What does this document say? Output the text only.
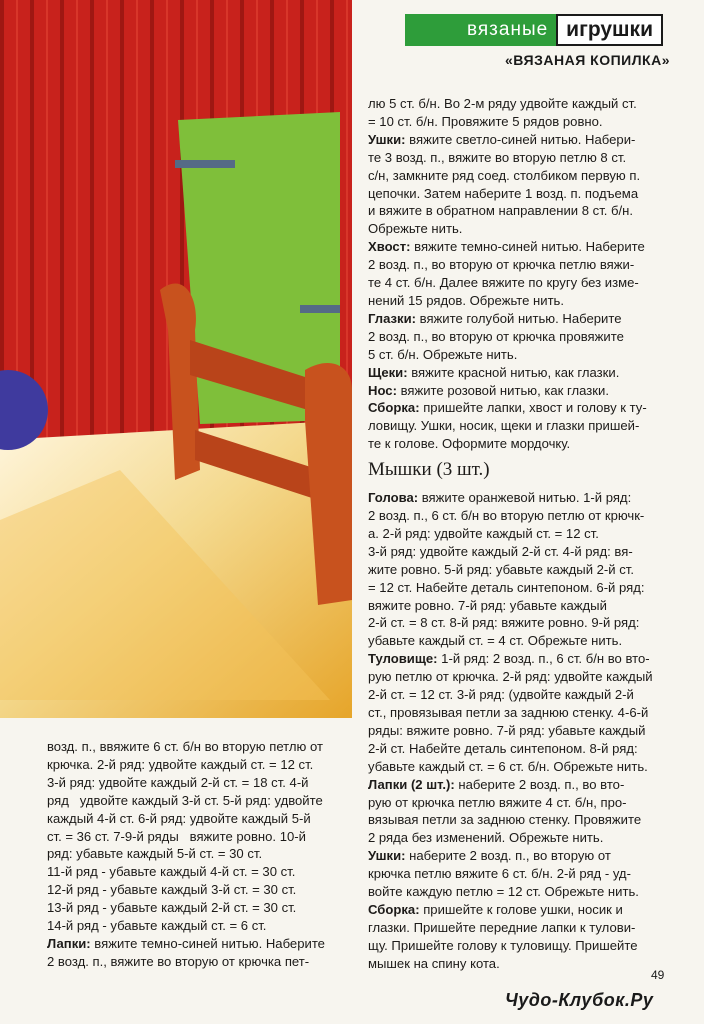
вязаные игрушки
«ВЯЗАНАЯ КОПИЛКА»
лю 5 ст. б/н. Во 2-м ряду удвойте каждый ст.
= 10 ст. б/н. Провяжите 5 рядов ровно.
Ушки: вяжите светло-синей нитью. Набери-
те 3 возд. п., вяжите во вторую петлю 8 ст.
с/н, замкните ряд соед. столбиком первую п.
цепочки. Затем наберите 1 возд. п. подъема
и вяжите в обратном направлении 8 ст. б/н.
Обрежьте нить.
Хвост: вяжите темно-синей нитью. Наберите
2 возд. п., во вторую от крючка петлю вяжи-
те 4 ст. б/н. Далее вяжите по кругу без изме-
нений 15 рядов. Обрежьте нить.
Глазки: вяжите голубой нитью. Наберите
2 возд. п., во вторую от крючка провяжите
5 ст. б/н. Обрежьте нить.
Щеки: вяжите красной нитью, как глазки.
Нос: вяжите розовой нитью, как глазки.
Сборка: пришейте лапки, хвост и голову к ту-
ловищу. Ушки, носик, щеки и глазки пришей-
те к голове. Оформите мордочку.
Мышки (3 шт.)
Голова: вяжите оранжевой нитью. 1-й ряд:
2 возд. п., 6 ст. б/н во вторую петлю от крючк-
а. 2-й ряд: удвойте каждый ст. = 12 ст.
3-й ряд: удвойте каждый 2-й ст. 4-й ряд: вя-
жите ровно. 5-й ряд: убавьте каждый 2-й ст.
= 12 ст. Набейте деталь синтепоном. 6-й ряд:
вяжите ровно. 7-й ряд: убавьте каждый
2-й ст. = 8 ст. 8-й ряд: вяжите ровно. 9-й ряд:
убавьте каждый ст. = 4 ст. Обрежьте нить.
Туловище: 1-й ряд: 2 возд. п., 6 ст. б/н во вто-
рую петлю от крючка. 2-й ряд: удвойте каждый
2-й ст. = 12 ст. 3-й ряд: (удвойте каждый 2-й
ст., провязывая петли за заднюю стенку. 4-6-й
ряды: вяжите ровно. 7-й ряд: убавьте каждый
2-й ст. Набейте деталь синтепоном. 8-й ряд:
убавьте каждый ст. = 6 ст. б/н. Обрежьте нить.
Лапки (2 шт.): наберите 2 возд. п., во вто-
рую от крючка петлю вяжите 4 ст. б/н, про-
вязывая петли за заднюю стенку. Провяжите
2 ряда без изменений. Обрежьте нить.
Ушки: наберите 2 возд. п., во вторую от
крючка петлю вяжите 6 ст. б/н. 2-й ряд - уд-
войте каждую петлю = 12 ст. Обрежьте нить.
Сборка: пришейте к голове ушки, носик и
глазки. Пришейте передние лапки к тулови-
щу. Пришейте голову к туловищу. Пришейте
мышек на спину кота.
возд. п., ввяжите 6 ст. б/н во вторую петлю от
крючка. 2-й ряд: удвойте каждый ст. = 12 ст.
3-й ряд: удвойте каждый 2-й ст. = 18 ст. 4-й
ряд   удвойте каждый 3-й ст. 5-й ряд: удвойте
каждый 4-й ст. 6-й ряд: удвойте каждый 5-й
ст. = 36 ст. 7-9-й ряды   вяжите ровно. 10-й
ряд: убавьте каждый 5-й ст. = 30 ст.
11-й ряд - убавьте каждый 4-й ст. = 30 ст.
12-й ряд - убавьте каждый 3-й ст. = 30 ст.
13-й ряд - убавьте каждый 2-й ст. = 30 ст.
14-й ряд - убавьте каждый ст. = 6 ст.
Лапки: вяжите темно-синей нитью. Наберите
2 возд. п., вяжите во вторую от крючка пет-
49
Чудо-Клубок.Ру
